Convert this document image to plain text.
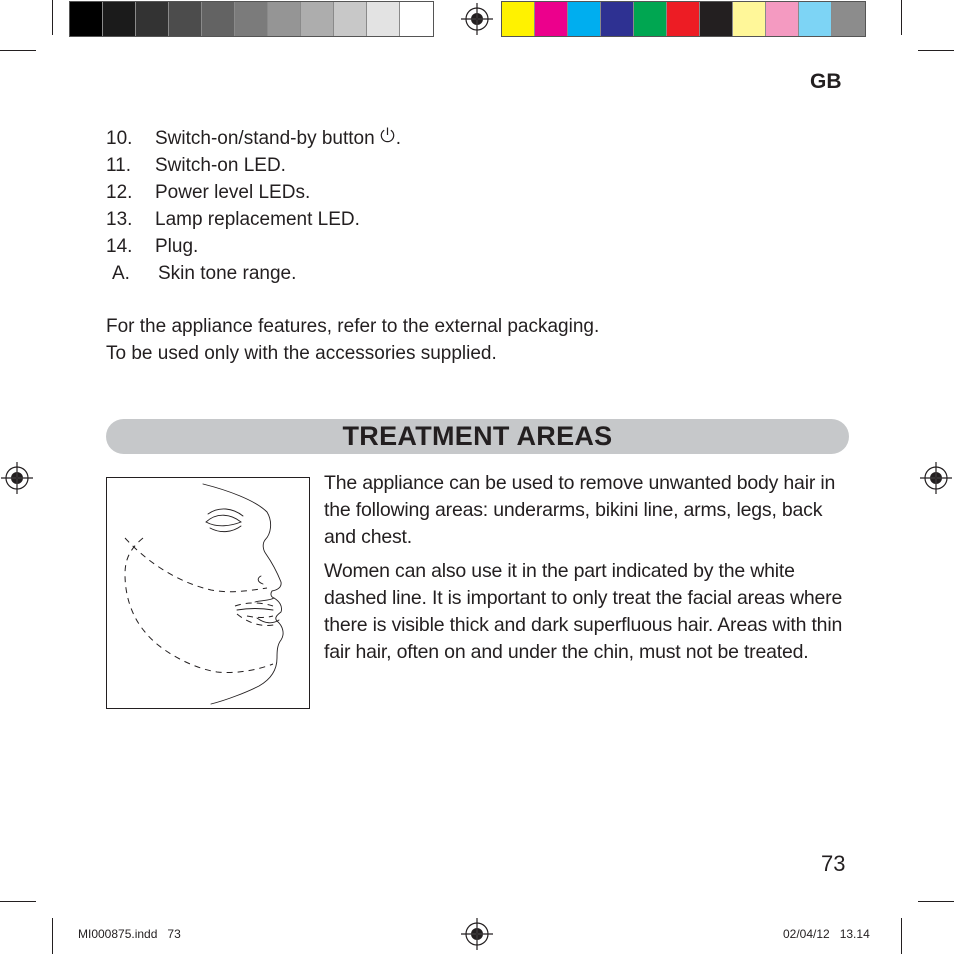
GB
10.	Switch-on/stand-by button .
11.	Switch-on LED.
12.	Power level LEDs.
13.	Lamp replacement LED.
14.	Plug.
A.	Skin tone range.
For the appliance features, refer to the external packaging.
To be used only with the accessories supplied.
TREATMENT AREAS

The appliance can be used to remove unwanted body hair in the following areas: underarms, bikini line, arms, legs, back and chest.

Women can also use it in the part indicated by the white dashed line. It is important to only treat the facial areas where there is visible thick and dark superfluous hair. Areas with thin fair hair, often on and under the chin, must not be treated.

73
MI000875.indd   73	02/04/12   13.14
